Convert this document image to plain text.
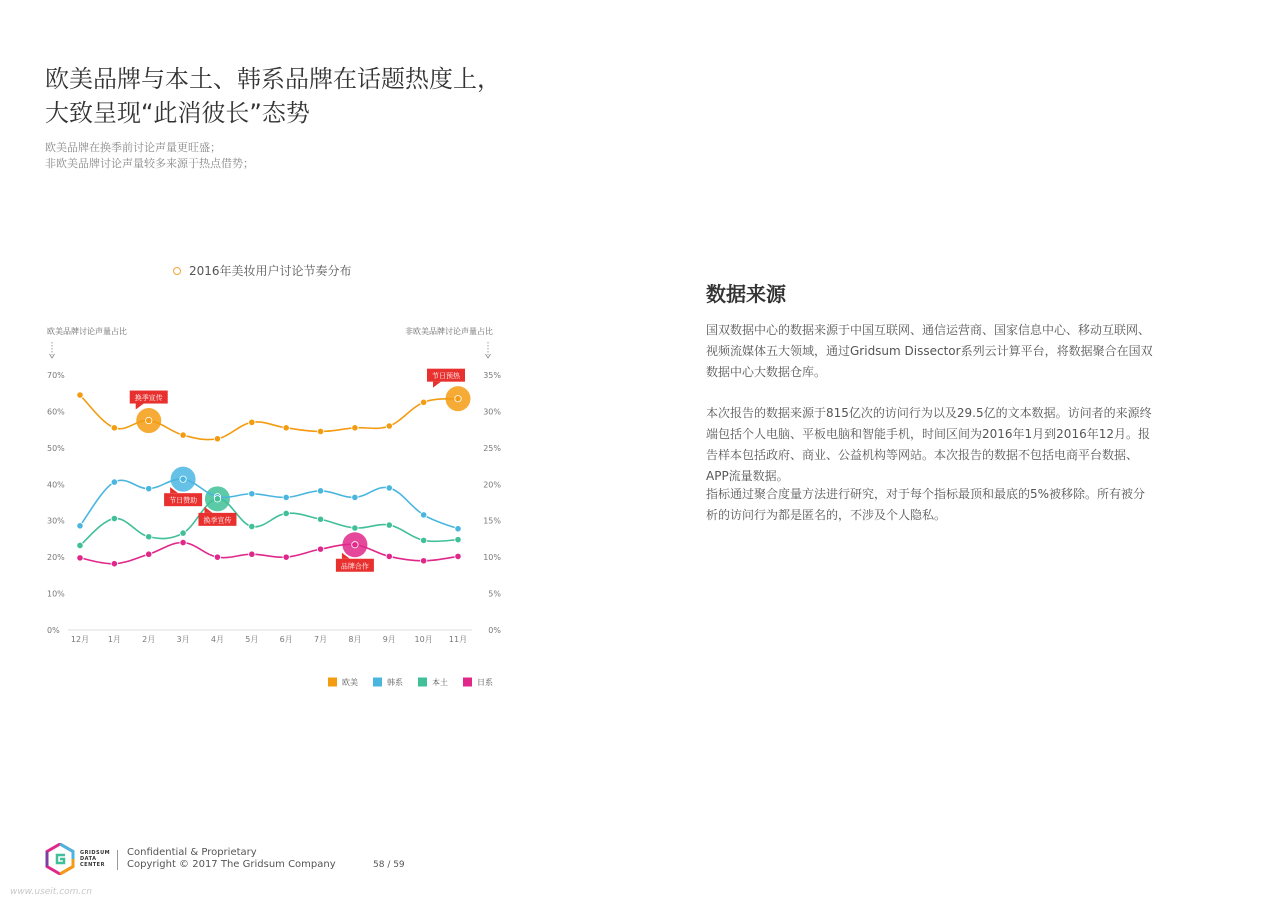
欧美品牌与本土、韩系品牌在话题热度上，
大致呈现“此消彼长”态势
欧美品牌在换季前讨论声量更旺盛；
非欧美品牌讨论声量较多来源于热点借势；
2016年美妆用户讨论节奏分布
欧美品牌讨论声量占比	非欧美品牌讨论声量占比
0%
10%
20%
30%
40%
50%
60%
70%
0%
5%
10%
15%
20%
25%
30%
35%
12月 1月	2月	3月	4月	5月	6月	7月	8月	9月 10月 11月
换季宣传
节日预热
节日赞助
换季宣传
品牌合作
欧美	韩系	本土	日系
数据来源

国双数据中心的数据来源于中国互联网、通信运营商、国家信息中心、移动互联网、视频流媒体五大领域，通过Gridsum Dissector系列云计算平台，将数据聚合在国双数据中心大数据仓库。

本次报告的数据来源于815亿次的访问行为以及29.5亿的文本数据。访问者的来源终端包括个人电脑、平板电脑和智能手机，时间区间为2016年1月到2016年12月。报告样本包括政府、商业、公益机构等网站。本次报告的数据不包括电商平台数据、APP流量数据。

指标通过聚合度量方法进行研究，对于每个指标最顶和最底的5%被移除。所有被分析的访问行为都是匿名的，不涉及个人隐私。

GRIDSUM
DATA
CENTER
Confidential & Proprietary
Copyright © 2017 The Gridsum Company	58 / 59
www.useit.com.cn
